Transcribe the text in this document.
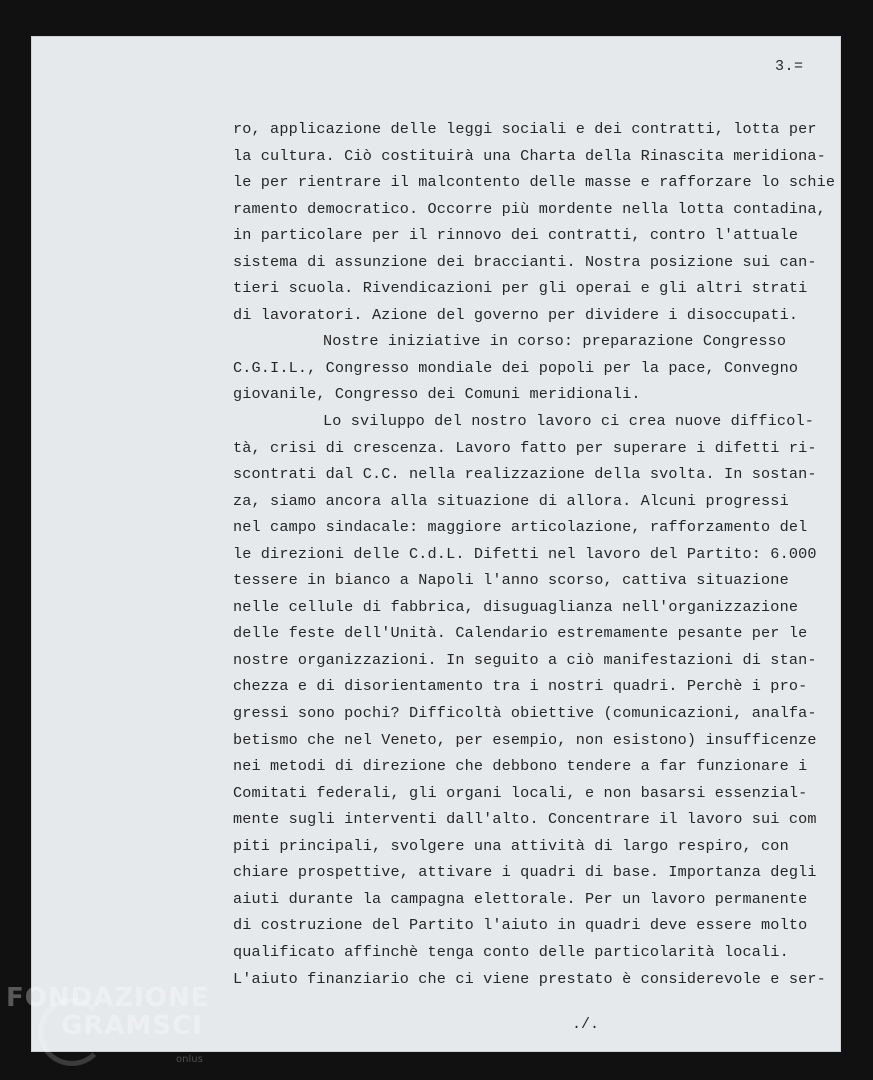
3.=
ro, applicazione delle leggi sociali e dei contratti, lotta per
la cultura. Ciò costituirà una Charta della Rinascita meridiona-
le per rientrare il malcontento delle masse e rafforzare lo schie
ramento democratico. Occorre più mordente nella lotta contadina,
in particolare per il rinnovo dei contratti, contro l'attuale
sistema di assunzione dei braccianti. Nostra posizione sui can-
tieri scuola. Rivendicazioni per gli operai e gli altri strati
di lavoratori. Azione del governo per dividere i disoccupati.
Nostre iniziative in corso: preparazione Congresso
C.G.I.L., Congresso mondiale dei popoli per la pace, Convegno
giovanile, Congresso dei Comuni meridionali.
Lo sviluppo del nostro lavoro ci crea nuove difficol-
tà, crisi di crescenza. Lavoro fatto per superare i difetti ri-
scontrati dal C.C. nella realizzazione della svolta. In sostan-
za, siamo ancora alla situazione di allora. Alcuni progressi
nel campo sindacale: maggiore articolazione, rafforzamento del
le direzioni delle C.d.L. Difetti nel lavoro del Partito: 6.000
tessere in bianco a Napoli l'anno scorso, cattiva situazione
nelle cellule di fabbrica, disuguaglianza nell'organizzazione
delle feste dell'Unità. Calendario estremamente pesante per le
nostre organizzazioni. In seguito a ciò manifestazioni di stan-
chezza e di disorientamento tra i nostri quadri. Perchè i pro-
gressi sono pochi? Difficoltà obiettive (comunicazioni, analfa-
betismo che nel Veneto, per esempio, non esistono) insufficenze
nei metodi di direzione che debbono tendere a far funzionare i
Comitati federali, gli organi locali, e non basarsi essenzial-
mente sugli interventi dall'alto. Concentrare il lavoro sui com
piti principali, svolgere una attività di largo respiro, con
chiare prospettive, attivare i quadri di base. Importanza degli
aiuti durante la campagna elettorale. Per un lavoro permanente
di costruzione del Partito l'aiuto in quadri deve essere molto
qualificato affinchè tenga conto delle particolarità locali.
L'aiuto finanziario che ci viene prestato è considerevole e ser-
./.
FONDAZIONE
GRAMSCI
onlus
